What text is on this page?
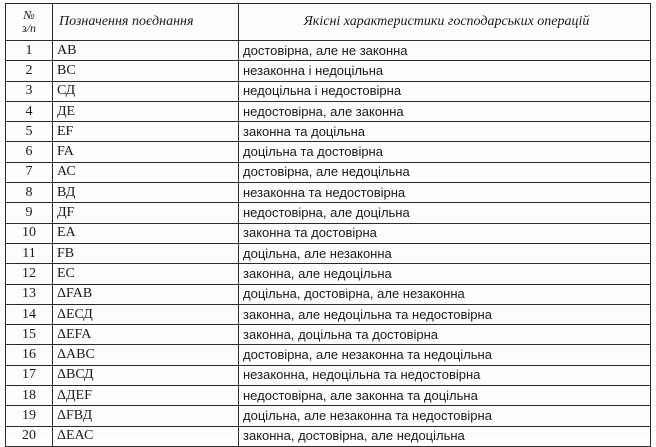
№
з/п	Позначення поєднання	Якісні характеристики господарських операцій
1	АВ	достовірна, але не законна
2	ВС	незаконна і недоцільна
3	СД	недоцільна і недостовірна
4	ДЕ	недостовірна, але законна
5	EF	законна та доцільна
6	FA	доцільна та достовірна
7	АС	достовірна, але недоцільна
8	ВД	незаконна та недостовірна
9	ДF	недостовірна, але доцільна
10	ЕА	законна та достовірна
11	FB	доцільна, але незаконна
12	ЕС	законна, але недоцільна
13	ΔFAB	доцільна, достовірна, але незаконна
14	ΔЕСД	законна, але недоцільна та недостовірна
15	ΔEFA	законна, доцільна та достовірна
16	ΔАВС	достовірна, але незаконна та недоцільна
17	ΔВСД	незаконна, недоцільна та недостовірна
18	ΔДEF	недостовірна, але законна та доцільна
19	ΔFВД	доцільна, але незаконна та недостовірна
20	ΔЕАС	законна, достовірна, але недоцільна
